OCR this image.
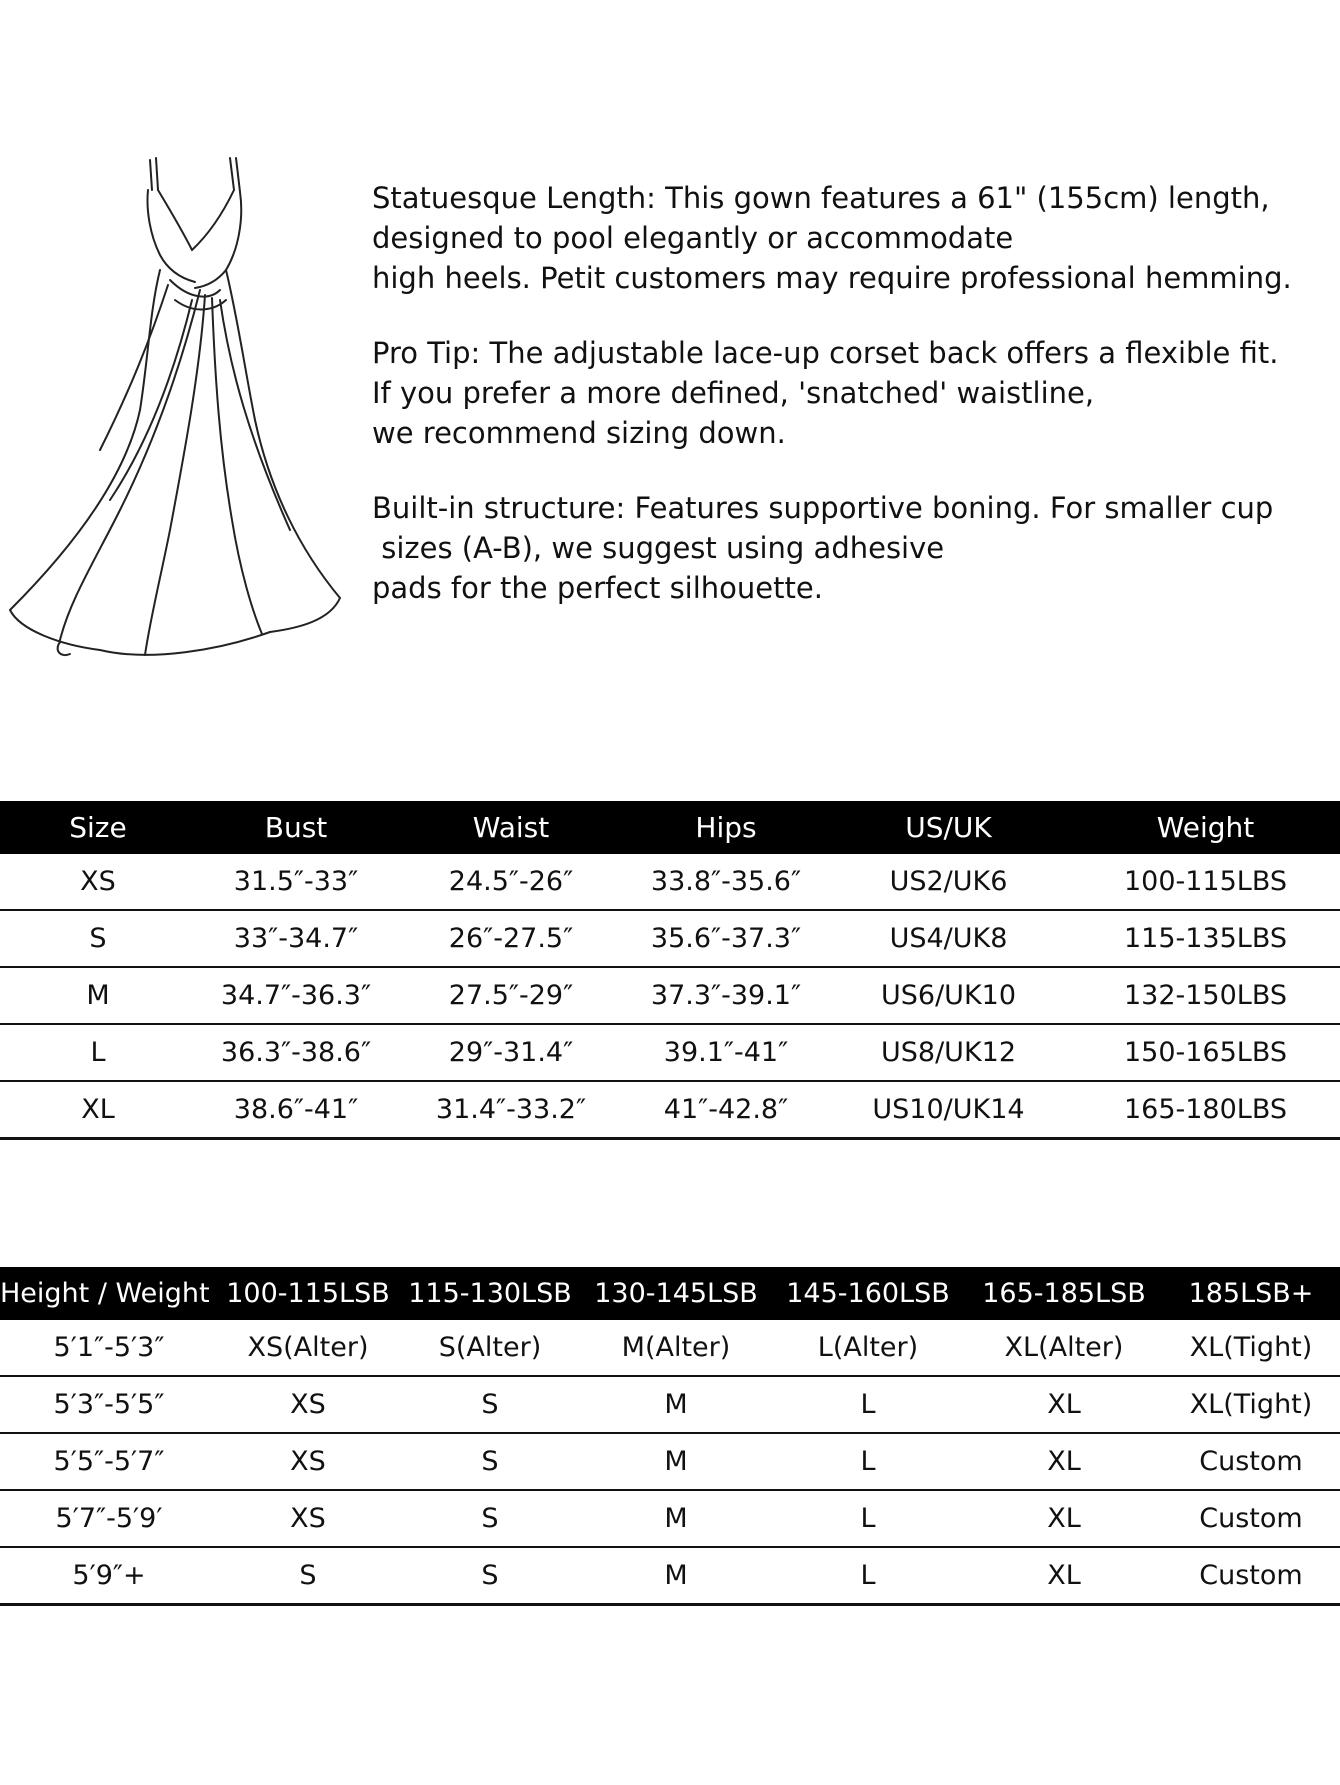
Statuesque Length: This gown features a 61" (155cm) length,
designed to pool elegantly or accommodate
high heels. Petit customers may require professional hemming.

Pro Tip: The adjustable lace-up corset back offers a flexible fit.
If you prefer a more defined, 'snatched' waistline,
we recommend sizing down.

Built-in structure: Features supportive boning. For smaller cup
sizes (A-B), we suggest using adhesive
pads for the perfect silhouette.

Size	Bust	Waist	Hips	US/UK	Weight
XS	31.5″-33″	24.5″-26″	33.8″-35.6″	US2/UK6	100-115LBS
S	33″-34.7″	26″-27.5″	35.6″-37.3″	US4/UK8	115-135LBS
M	34.7″-36.3″	27.5″-29″	37.3″-39.1″	US6/UK10	132-150LBS
L	36.3″-38.6″	29″-31.4″	39.1″-41″	US8/UK12	150-165LBS
XL	38.6″-41″	31.4″-33.2″	41″-42.8″	US10/UK14	165-180LBS
Height / Weight	100-115LSB	115-130LSB	130-145LSB	145-160LSB	165-185LSB	185LSB+
5′1″-5′3″	XS(Alter)	S(Alter)	M(Alter)	L(Alter)	XL(Alter)	XL(Tight)
5′3″-5′5″	XS	S	M	L	XL	XL(Tight)
5′5″-5′7″	XS	S	M	L	XL	Custom
5′7″-5′9′	XS	S	M	L	XL	Custom
5′9″+	S	S	M	L	XL	Custom
